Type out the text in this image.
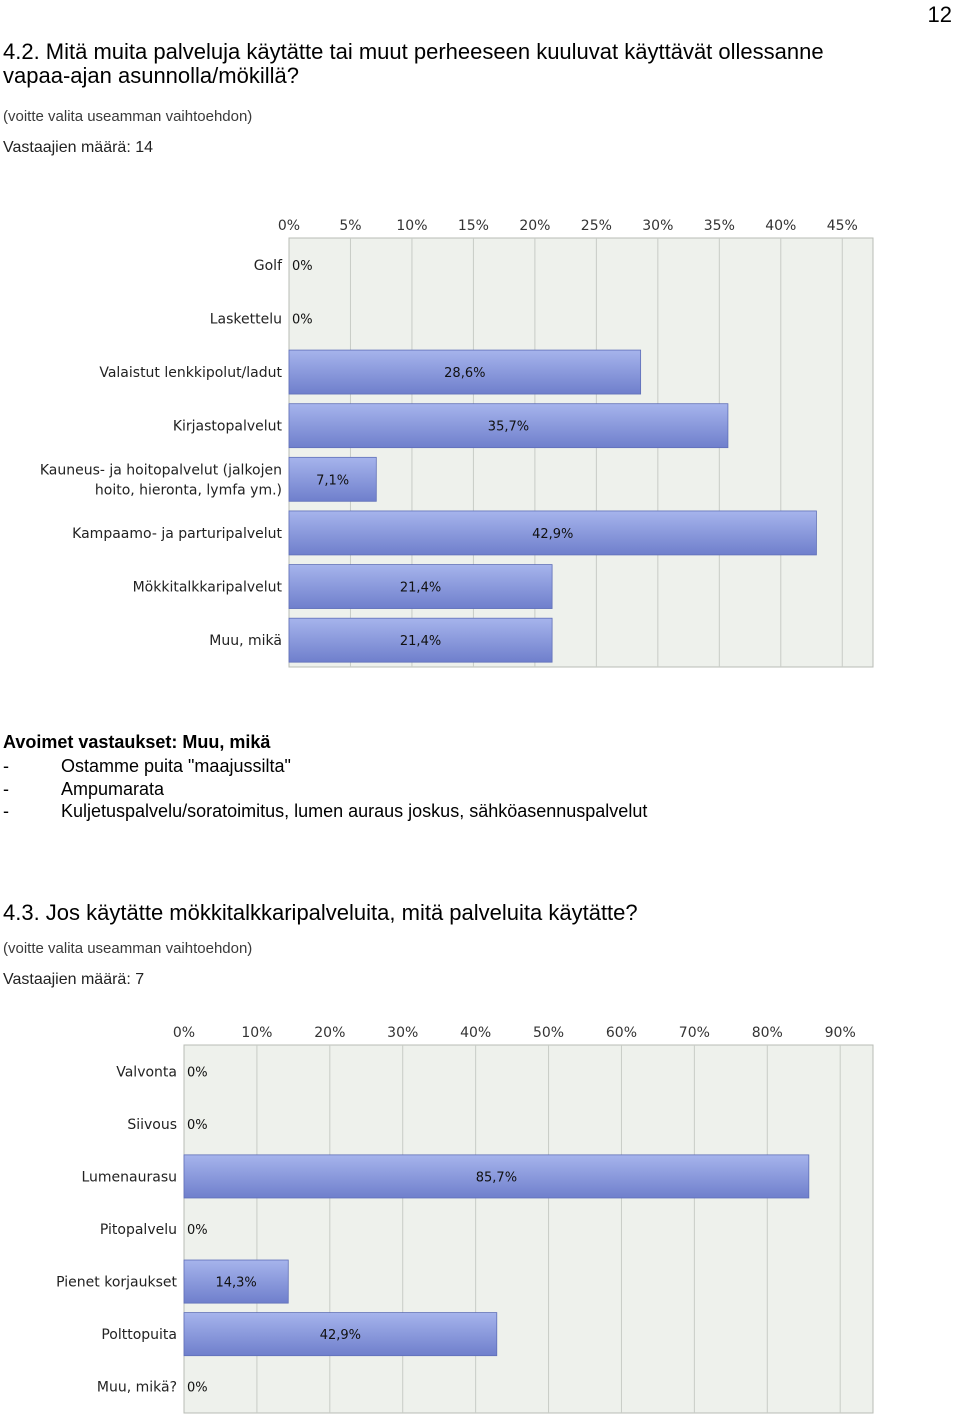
12
4.2. Mitä muita palveluja käytätte tai muut perheeseen kuuluvat käyttävät ollessanne
vapaa-ajan asunnolla/mökillä?
(voitte valita useamman vaihtoehdon)
Vastaajien määrä: 14
0%	5% 10% 15% 20% 25% 30% 35% 40% 45%
Golf 0%
Laskettelu 0%
Valaistut lenkkipolut/ladut	28,6%
Kirjastopalvelut	35,7%
Kauneus- ja hoitopalvelut (jalkojen hoito, hieronta, lymfa ym.)
7,1%
Kampaamo- ja parturipalvelut	42,9%
Mökkitalkkaripalvelut	21,4%
Muu, mikä	21,4%
Avoimet vastaukset: Muu, mikä
-	Ostamme puita "maajussilta"
-	Ampumarata
-	Kuljetuspalvelu/soratoimitus, lumen auraus joskus, sähköasennuspalvelut
4.3. Jos käytätte mökkitalkkaripalveluita, mitä palveluita käytätte?
(voitte valita useamman vaihtoehdon)
Vastaajien määrä: 7
0%	10%	20%	30%	40%	50%	60%	70%	80%	90%
Valvonta 0%
Siivous 0%
Lumenaurasu	85,7%
Pitopalvelu 0%
Pienet korjaukset	14,3%
Polttopuita	42,9%
Muu, mikä? 0%
